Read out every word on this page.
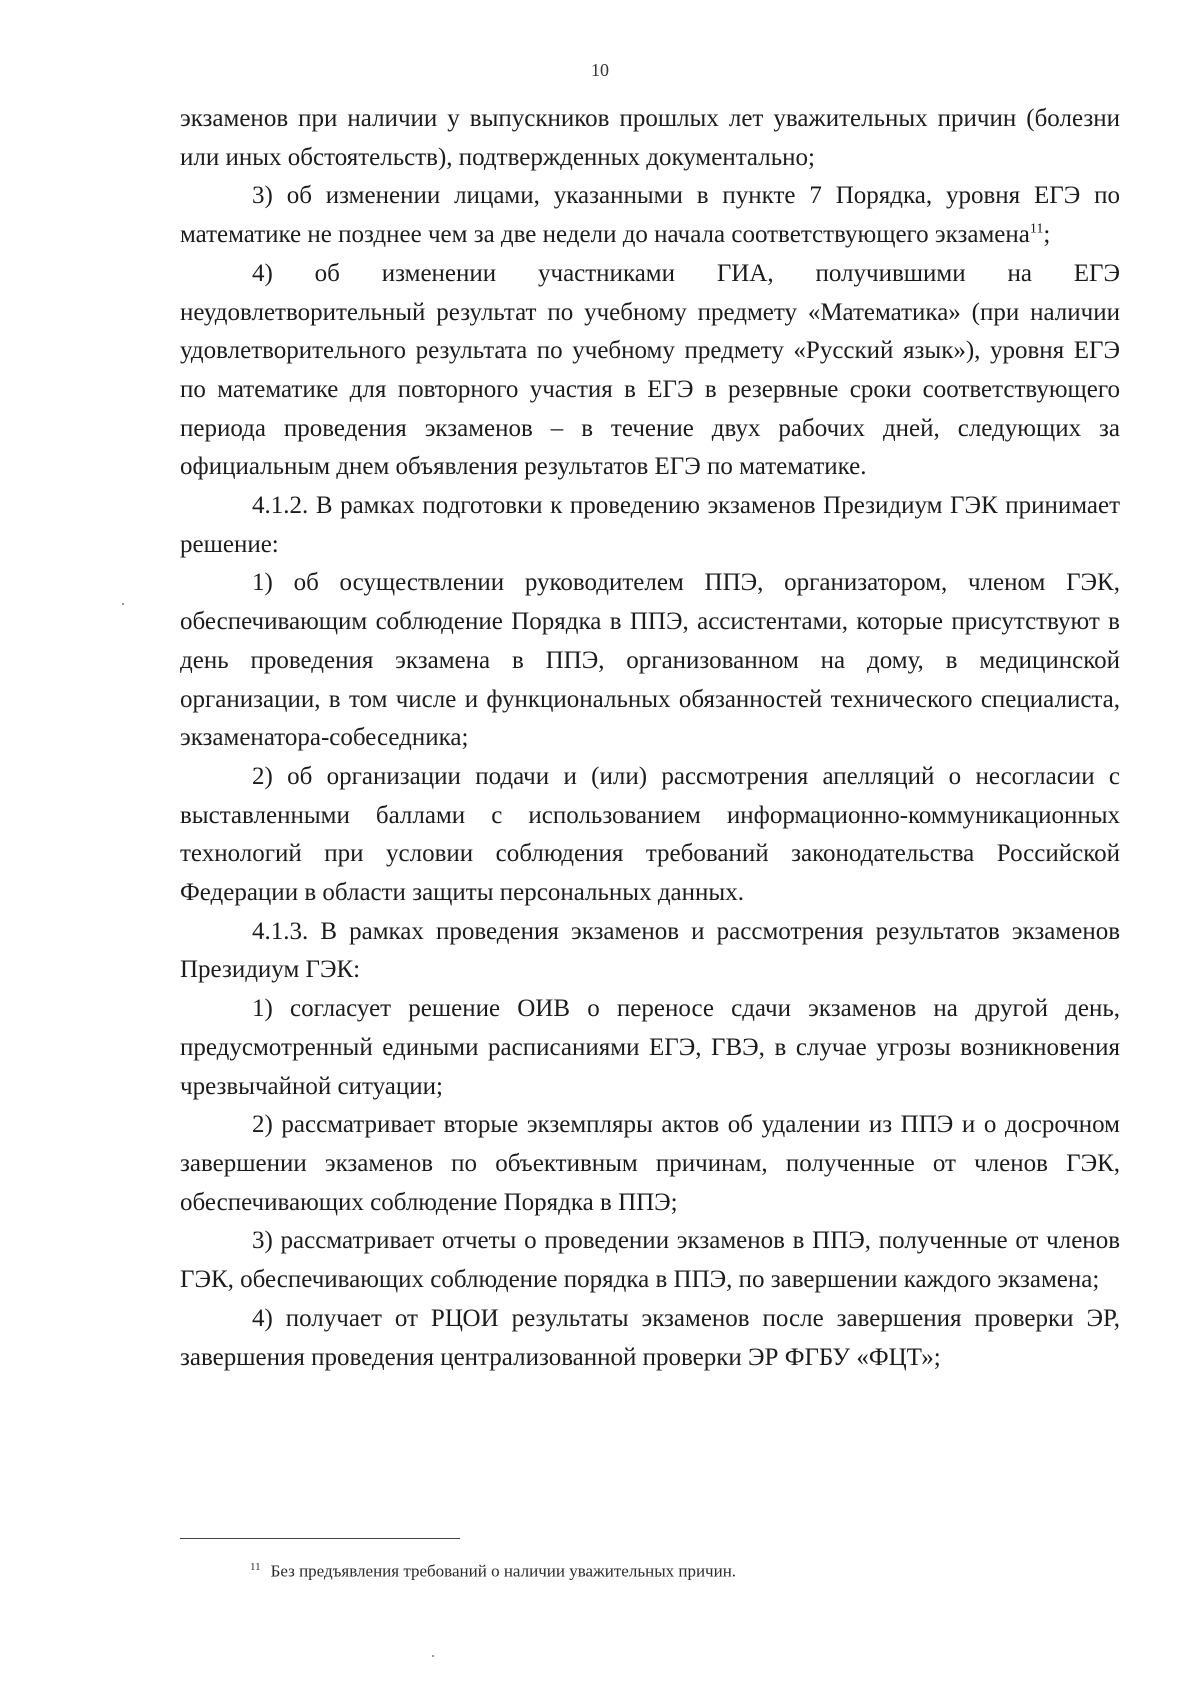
10

экзаменов при наличии у выпускников прошлых лет уважительных причин (болезни или иных обстоятельств), подтвержденных документально;

3) об изменении лицами, указанными в пункте 7 Порядка, уровня ЕГЭ по математике не позднее чем за две недели до начала соответствующего экзамена$^{11}$;

4) об изменении участниками ГИА, получившими на ЕГЭ неудовлетворительный результат по учебному предмету «Математика» (при наличии удовлетворительного результата по учебному предмету «Русский язык»), уровня ЕГЭ по математике для повторного участия в ЕГЭ в резервные сроки соответствующего периода проведения экзаменов – в течение двух рабочих дней, следующих за официальным днем объявления результатов ЕГЭ по математике.

4.1.2. В рамках подготовки к проведению экзаменов Президиум ГЭК принимает решение:

1) об осуществлении руководителем ППЭ, организатором, членом ГЭК, обеспечивающим соблюдение Порядка в ППЭ, ассистентами, которые присутствуют в день проведения экзамена в ППЭ, организованном на дому, в медицинской организации, в том числе и функциональных обязанностей технического специалиста, экзаменатора-собеседника;

2) об организации подачи и (или) рассмотрения апелляций о несогласии с выставленными баллами с использованием информационно-коммуникационных технологий при условии соблюдения требований законодательства Российской Федерации в области защиты персональных данных.

4.1.3. В рамках проведения экзаменов и рассмотрения результатов экзаменов Президиум ГЭК:

1) согласует решение ОИВ о переносе сдачи экзаменов на другой день, предусмотренный едиными расписаниями ЕГЭ, ГВЭ, в случае угрозы возникновения чрезвычайной ситуации;

2) рассматривает вторые экземпляры актов об удалении из ППЭ и о досрочном завершении экзаменов по объективным причинам, полученные от членов ГЭК, обеспечивающих соблюдение Порядка в ППЭ;

3) рассматривает отчеты о проведении экзаменов в ППЭ, полученные от членов ГЭК, обеспечивающих соблюдение порядка в ППЭ, по завершении каждого экзамена;

4) получает от РЦОИ результаты экзаменов после завершения проверки ЭР, завершения проведения централизованной проверки ЭР ФГБУ «ФЦТ»;

$^{11}$ Без предъявления требований о наличии уважительных причин.
